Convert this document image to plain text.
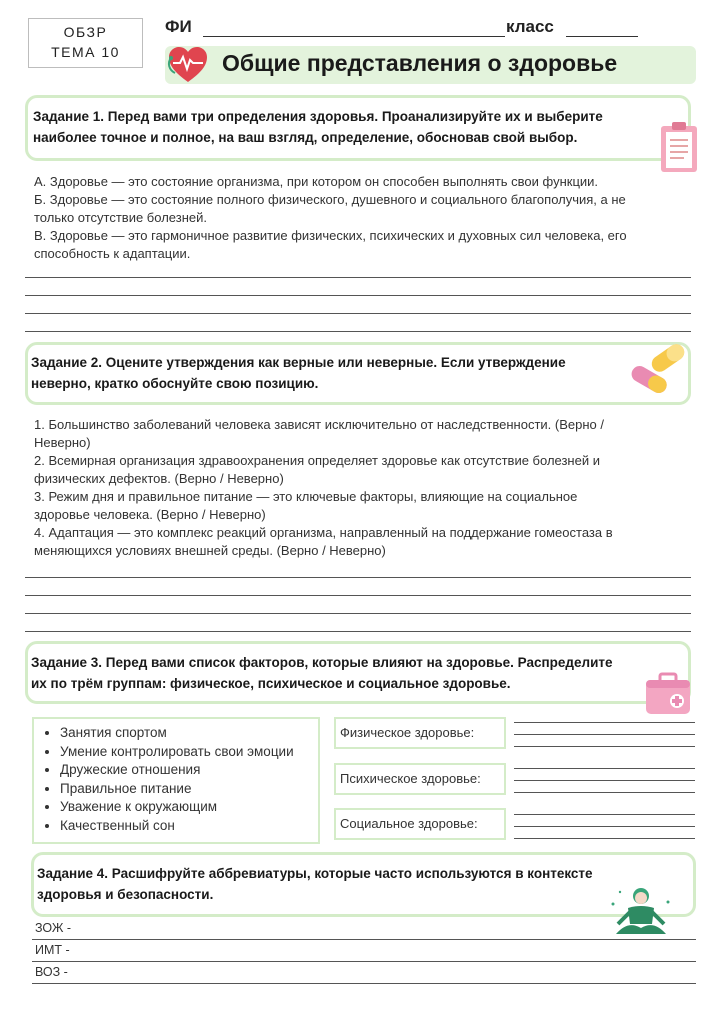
ОБЗР
ТЕМА 10
ФИ	класс
Общие представления о здоровье
Задание 1. Перед вами три определения здоровья. Проанализируйте их и выберите
наиболее точное и полное, на ваш взгляд, определение, обосновав свой выбор.
А. Здоровье — это состояние организма, при котором он способен выполнять свои функции.
Б. Здоровье — это состояние полного физического, душевного и социального благополучия, а не
только отсутствие болезней.
В. Здоровье — это гармоничное развитие физических, психических и духовных сил человека, его
способность к адаптации.
Задание 2. Оцените утверждения как верные или неверные. Если утверждение
неверно, кратко обоснуйте свою позицию.
1. Большинство заболеваний человека зависят исключительно от наследственности. (Верно /
Неверно)
2. Всемирная организация здравоохранения определяет здоровье как отсутствие болезней и
физических дефектов. (Верно / Неверно)
3. Режим дня и правильное питание — это ключевые факторы, влияющие на социальное
здоровье человека. (Верно / Неверно)
4. Адаптация — это комплекс реакций организма, направленный на поддержание гомеостаза в
меняющихся условиях внешней среды. (Верно / Неверно)
Задание 3. Перед вами список факторов, которые влияют на здоровье. Распределите
их по трём группам: физическое, психическое и социальное здоровье.
• Занятия спортом
• Умение контролировать свои эмоции
• Дружеские отношения
• Правильное питание
• Уважение к окружающим
• Качественный сон
Физическое здоровье:
Психическое здоровье:
Социальное здоровье:
Задание 4. Расшифруйте аббревиатуры, которые часто используются в контексте
здоровья и безопасности.
ЗОЖ -
ИМТ -
ВОЗ -
